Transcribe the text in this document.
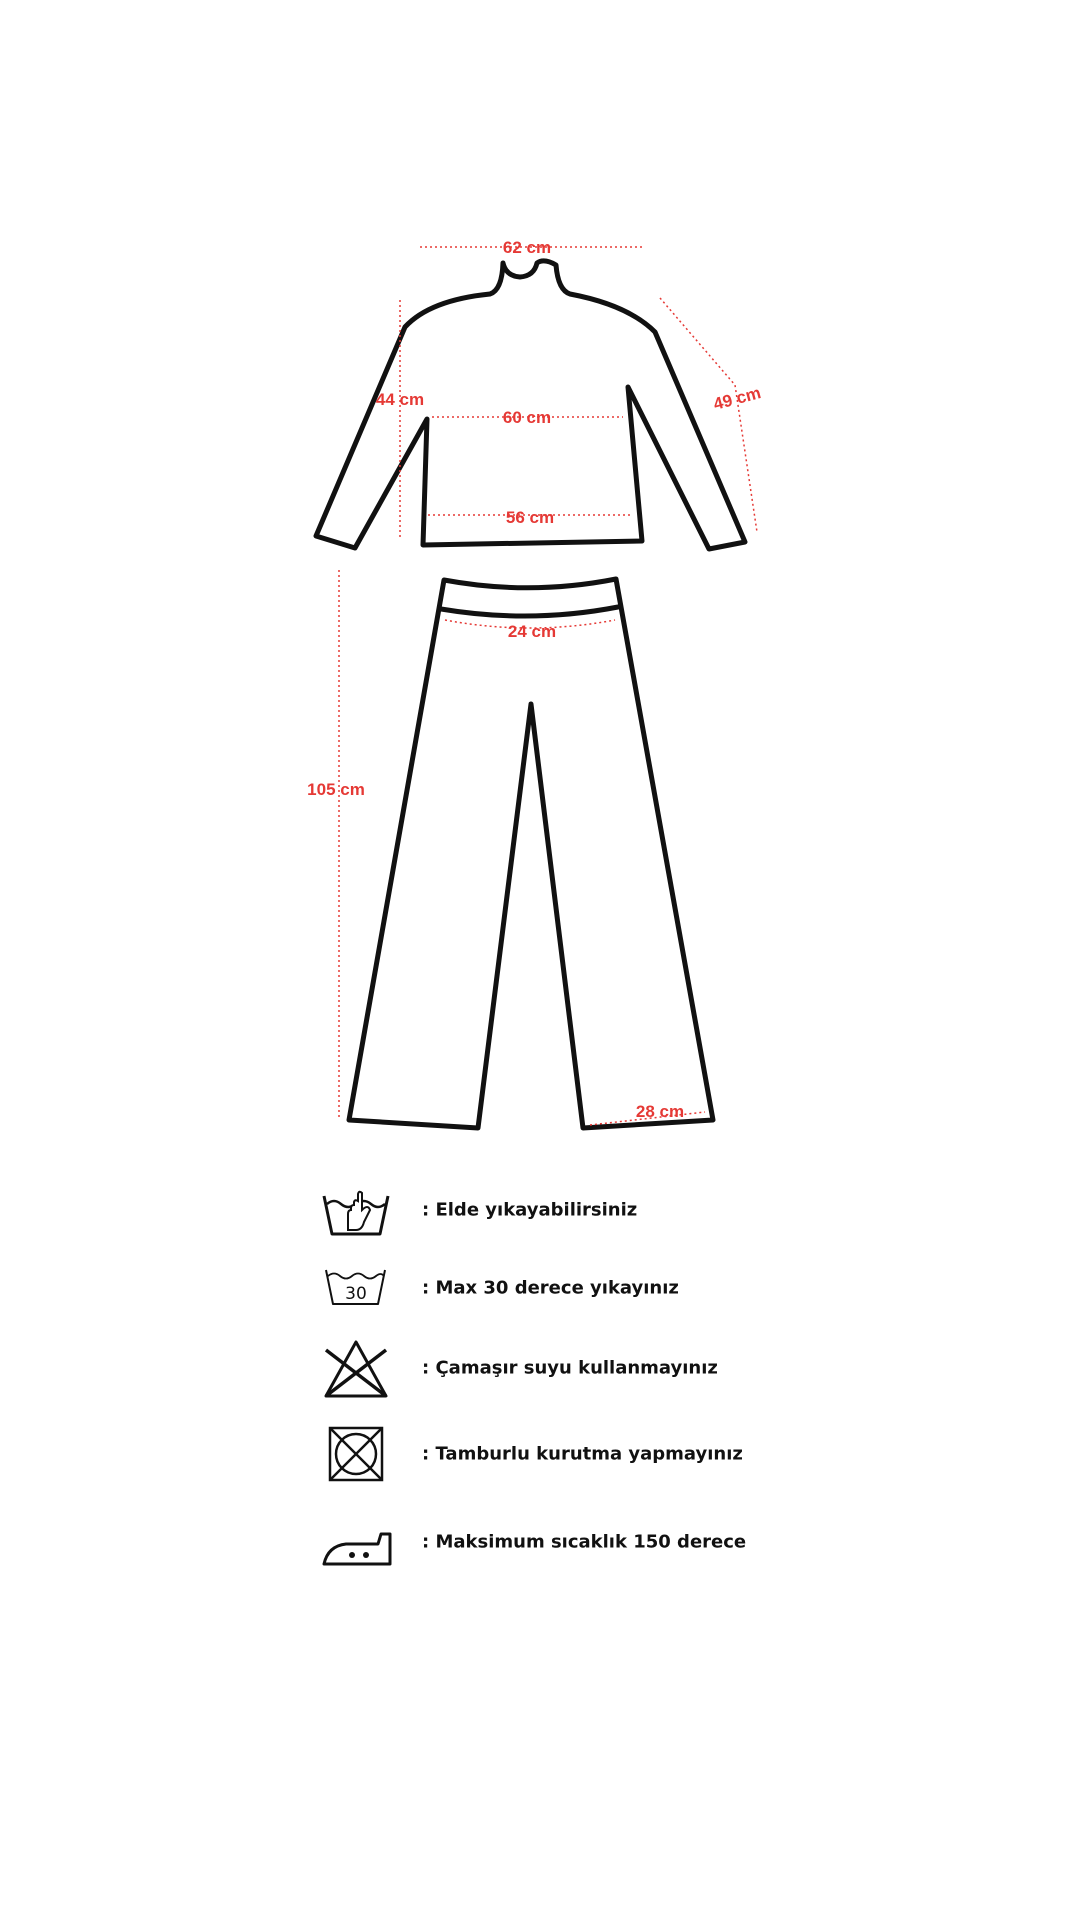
62 cm
44 cm
60 cm
49 cm
56 cm
24 cm
105 cm
28 cm
: Elde yıkayabilirsiniz
30	: Max 30 derece yıkayınız
: Çamaşır suyu kullanmayınız
: Tamburlu kurutma yapmayınız
: Maksimum sıcaklık 150 derece
